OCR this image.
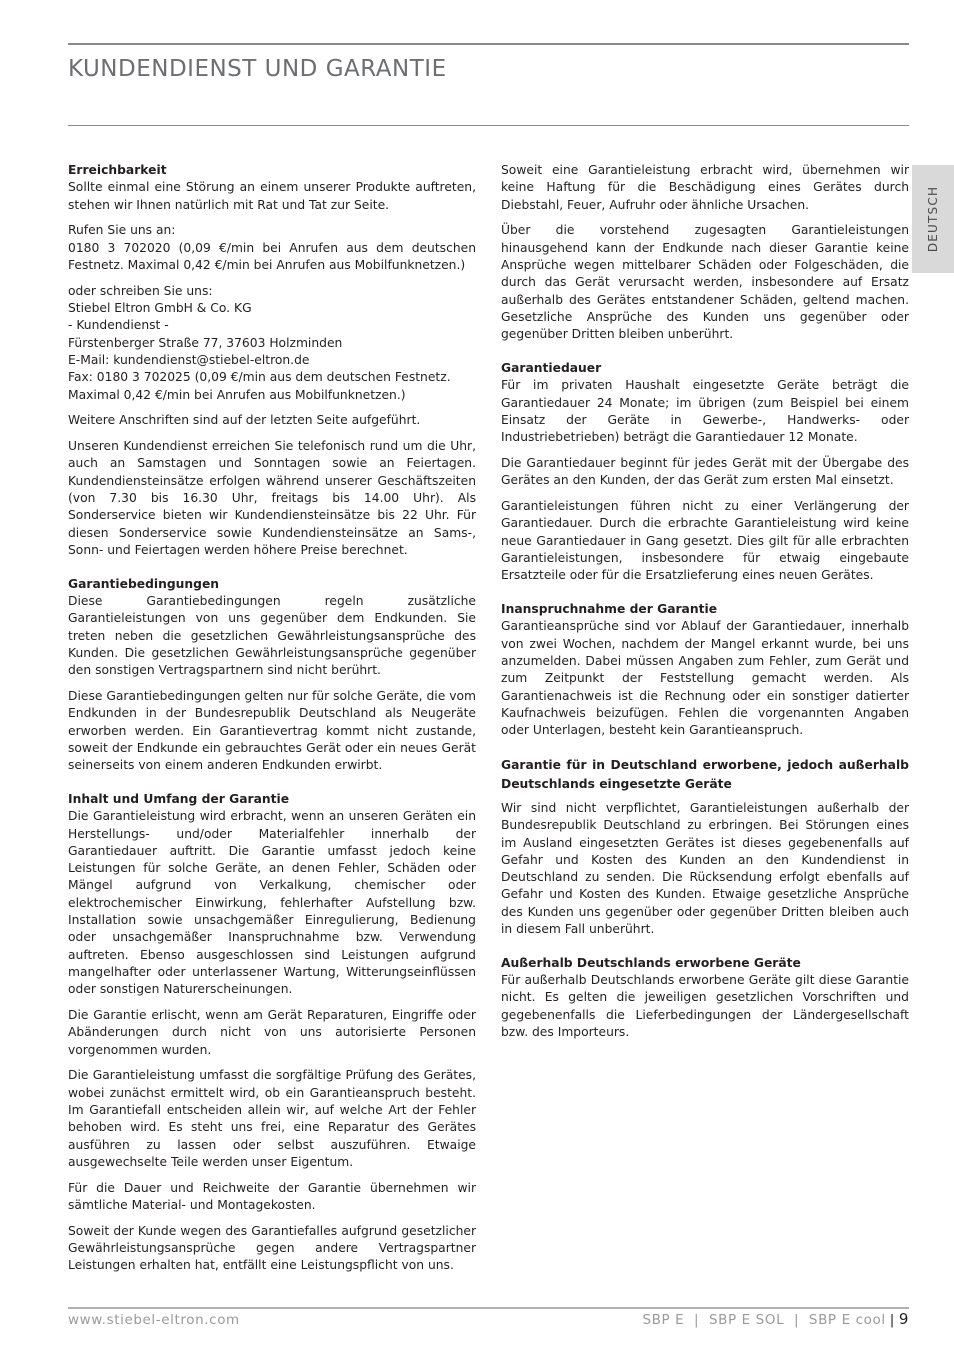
KUNDENDIENST UND GARANTIE
DEUTSCH
Erreichbarkeit

Sollte einmal eine Störung an einem unserer Produkte auftreten, stehen wir Ihnen natürlich mit Rat und Tat zur Seite.

Rufen Sie uns an:
0180 3 702020 (0,09 €/min bei Anrufen aus dem deutschen Festnetz. Maximal 0,42 €/min bei Anrufen aus Mobilfunknetzen.)

oder schreiben Sie uns:
Stiebel Eltron GmbH & Co. KG
- Kundendienst -
Fürstenberger Straße 77, 37603 Holzminden
E-Mail: kundendienst@stiebel-eltron.de
Fax: 0180 3 702025 (0,09 €/min aus dem deutschen Festnetz. Maximal 0,42 €/min bei Anrufen aus Mobilfunknetzen.)

Weitere Anschriften sind auf der letzten Seite aufgeführt.

Unseren Kundendienst erreichen Sie telefonisch rund um die Uhr, auch an Samstagen und Sonntagen sowie an Feiertagen. Kundendiensteinsätze erfolgen während unserer Geschäftszeiten (von 7.30 bis 16.30 Uhr, freitags bis 14.00 Uhr). Als Sonderservice bieten wir Kundendiensteinsätze bis 22 Uhr. Für diesen Sonderservice sowie Kundendiensteinsätze an Sams-, Sonn- und Feiertagen werden höhere Preise berechnet.

Garantiebedingungen

Diese Garantiebedingungen regeln zusätzliche Garantieleistungen von uns gegenüber dem Endkunden. Sie treten neben die gesetzlichen Gewährleistungsansprüche des Kunden. Die gesetzlichen Gewährleistungsansprüche gegenüber den sonstigen Vertragspartnern sind nicht berührt.

Diese Garantiebedingungen gelten nur für solche Geräte, die vom Endkunden in der Bundesrepublik Deutschland als Neugeräte erworben werden. Ein Garantievertrag kommt nicht zustande, soweit der Endkunde ein gebrauchtes Gerät oder ein neues Gerät seinerseits von einem anderen Endkunden erwirbt.

Inhalt und Umfang der Garantie

Die Garantieleistung wird erbracht, wenn an unseren Geräten ein Herstellungs- und/oder Materialfehler innerhalb der Garantiedauer auftritt. Die Garantie umfasst jedoch keine Leistungen für solche Geräte, an denen Fehler, Schäden oder Mängel aufgrund von Verkalkung, chemischer oder elektrochemischer Einwirkung, fehlerhafter Aufstellung bzw. Installation sowie unsachgemäßer Einregulierung, Bedienung oder unsachgemäßer Inanspruchnahme bzw. Verwendung auftreten. Ebenso ausgeschlossen sind Leistungen aufgrund mangelhafter oder unterlassener Wartung, Witterungseinflüssen oder sonstigen Naturerscheinungen.

Die Garantie erlischt, wenn am Gerät Reparaturen, Eingriffe oder Abänderungen durch nicht von uns autorisierte Personen vorgenommen wurden.

Die Garantieleistung umfasst die sorgfältige Prüfung des Gerätes, wobei zunächst ermittelt wird, ob ein Garantieanspruch besteht. Im Garantiefall entscheiden allein wir, auf welche Art der Fehler behoben wird. Es steht uns frei, eine Reparatur des Gerätes ausführen zu lassen oder selbst auszuführen. Etwaige ausgewechselte Teile werden unser Eigentum.

Für die Dauer und Reichweite der Garantie übernehmen wir sämtliche Material- und Montagekosten.

Soweit der Kunde wegen des Garantiefalles aufgrund gesetzlicher Gewährleistungsansprüche gegen andere Vertragspartner Leistungen erhalten hat, entfällt eine Leistungspflicht von uns.

Soweit eine Garantieleistung erbracht wird, übernehmen wir keine Haftung für die Beschädigung eines Gerätes durch Diebstahl, Feuer, Aufruhr oder ähnliche Ursachen.

Über die vorstehend zugesagten Garantieleistungen hinausgehend kann der Endkunde nach dieser Garantie keine Ansprüche wegen mittelbarer Schäden oder Folgeschäden, die durch das Gerät verursacht werden, insbesondere auf Ersatz außerhalb des Gerätes entstandener Schäden, geltend machen. Gesetzliche Ansprüche des Kunden uns gegenüber oder gegenüber Dritten bleiben unberührt.

Garantiedauer

Für im privaten Haushalt eingesetzte Geräte beträgt die Garantiedauer 24 Monate; im übrigen (zum Beispiel bei einem Einsatz der Geräte in Gewerbe-, Handwerks- oder Industriebetrieben) beträgt die Garantiedauer 12 Monate.

Die Garantiedauer beginnt für jedes Gerät mit der Übergabe des Gerätes an den Kunden, der das Gerät zum ersten Mal einsetzt.

Garantieleistungen führen nicht zu einer Verlängerung der Garantiedauer. Durch die erbrachte Garantieleistung wird keine neue Garantiedauer in Gang gesetzt. Dies gilt für alle erbrachten Garantieleistungen, insbesondere für etwaig eingebaute Ersatzteile oder für die Ersatzlieferung eines neuen Gerätes.

Inanspruchnahme der Garantie

Garantieansprüche sind vor Ablauf der Garantiedauer, innerhalb von zwei Wochen, nachdem der Mangel erkannt wurde, bei uns anzumelden. Dabei müssen Angaben zum Fehler, zum Gerät und zum Zeitpunkt der Feststellung gemacht werden. Als Garantienachweis ist die Rechnung oder ein sonstiger datierter Kaufnachweis beizufügen. Fehlen die vorgenannten Angaben oder Unterlagen, besteht kein Garantieanspruch.

Garantie für in Deutschland erworbene, jedoch außerhalb Deutschlands eingesetzte Geräte

Wir sind nicht verpflichtet, Garantieleistungen außerhalb der Bundesrepublik Deutschland zu erbringen. Bei Störungen eines im Ausland eingesetzten Gerätes ist dieses gegebenenfalls auf Gefahr und Kosten des Kunden an den Kundendienst in Deutschland zu senden. Die Rücksendung erfolgt ebenfalls auf Gefahr und Kosten des Kunden. Etwaige gesetzliche Ansprüche des Kunden uns gegenüber oder gegenüber Dritten bleiben auch in diesem Fall unberührt.

Außerhalb Deutschlands erworbene Geräte

Für außerhalb Deutschlands erworbene Geräte gilt diese Garantie nicht. Es gelten die jeweiligen gesetzlichen Vorschriften und gegebenenfalls die Lieferbedingungen der Ländergesellschaft bzw. des Importeurs.

www.stiebel-eltron.com	SBP E  |  SBP E SOL  |  SBP E cool | 9
